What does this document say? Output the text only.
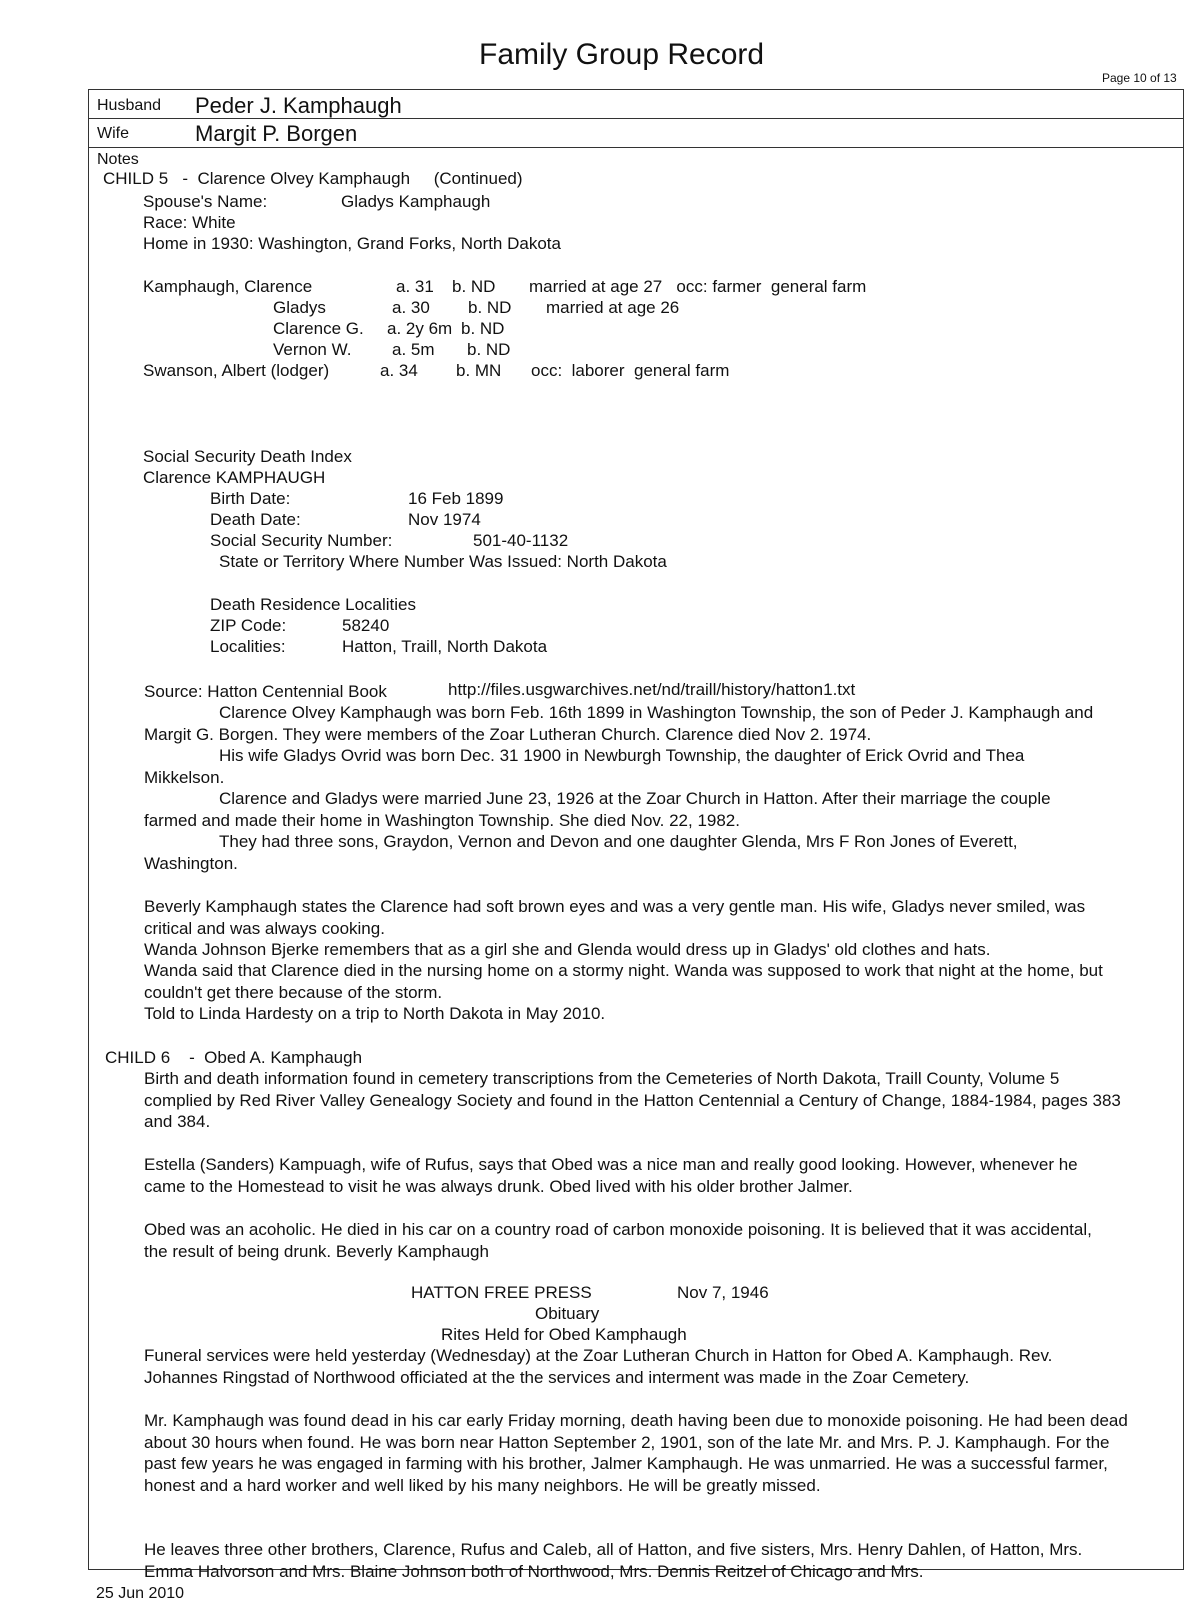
Family Group Record
Page 10 of 13
Husband Peder J. Kamphaugh
Wife	Margit P. Borgen
Notes
CHILD 5   -  Clarence Olvey Kamphaugh     (Continued)
Spouse's Name:	Gladys Kamphaugh
Race: White
Home in 1930: Washington, Grand Forks, North Dakota
Kamphaugh, Clarence	a. 31 b. ND married at age 27   occ: farmer  general farm
Gladys	a. 30 b. ND married at age 26
Clarence G. a. 2y 6m b. ND
Vernon W. a. 5m b. ND
Swanson, Albert (lodger)	a. 34 b. MN occ:  laborer  general farm
Social Security Death Index
Clarence KAMPHAUGH
Birth Date:	16 Feb 1899
Death Date:	Nov 1974
Social Security Number:	501-40-1132
State or Territory Where Number Was Issued: North Dakota
Death Residence Localities
ZIP Code:	58240
Localities:	Hatton, Traill, North Dakota
Source: Hatton Centennial Book	http://files.usgwarchives.net/nd/traill/history/hatton1.txt
Clarence Olvey Kamphaugh was born Feb. 16th 1899 in Washington Township, the son of Peder J. Kamphaugh and Margit G. Borgen. They were members of the Zoar Lutheran Church. Clarence died Nov 2. 1974.
His wife Gladys Ovrid was born Dec. 31 1900 in Newburgh Township, the daughter of Erick Ovrid and Thea Mikkelson.
Clarence and Gladys were married June 23, 1926 at the Zoar Church in Hatton. After their marriage the couple farmed and made their home in Washington Township. She died Nov. 22, 1982.
They had three sons, Graydon, Vernon and Devon and one daughter Glenda, Mrs F Ron Jones of Everett, Washington.
Beverly Kamphaugh states the Clarence had soft brown eyes and was a very gentle man. His wife, Gladys never smiled, was critical and was always cooking.
Wanda Johnson Bjerke remembers that as a girl she and Glenda would dress up in Gladys' old clothes and hats.
Wanda said that Clarence died in the nursing home on a stormy night. Wanda was supposed to work that night at the home, but couldn't get there because of the storm.
Told to Linda Hardesty on a trip to North Dakota in May 2010.
CHILD 6    -  Obed A. Kamphaugh
Birth and death information found in cemetery transcriptions from the Cemeteries of North Dakota, Traill County, Volume 5 complied by Red River Valley Genealogy Society and found in the Hatton Centennial a Century of Change, 1884-1984, pages 383 and 384.
Estella (Sanders) Kampuagh, wife of Rufus, says that Obed was a nice man and really good looking. However, whenever he came to the Homestead to visit he was always drunk. Obed lived with his older brother Jalmer.
Obed was an acoholic. He died in his car on a country road of carbon monoxide poisoning. It is believed that it was accidental, the result of being drunk. Beverly Kamphaugh
HATTON FREE PRESS	Nov 7, 1946
Obituary
Rites Held for Obed Kamphaugh
Funeral services were held yesterday (Wednesday) at the Zoar Lutheran Church in Hatton for Obed A. Kamphaugh. Rev. Johannes Ringstad of Northwood officiated at the the services and interment was made in the Zoar Cemetery.
Mr. Kamphaugh was found dead in his car early Friday morning, death having been due to monoxide poisoning. He had been dead about 30 hours when found. He was born near Hatton September 2, 1901, son of the late Mr. and Mrs. P. J. Kamphaugh. For the past few years he was engaged in farming with his brother, Jalmer Kamphaugh. He was unmarried. He was a successful farmer, honest and a hard worker and well liked by his many neighbors. He will be greatly missed.
He leaves three other brothers, Clarence, Rufus and Caleb, all of Hatton, and five sisters, Mrs. Henry Dahlen, of Hatton, Mrs. Emma Halvorson and Mrs. Blaine Johnson both of Northwood, Mrs. Dennis Reitzel of Chicago and Mrs.
25 Jun 2010
